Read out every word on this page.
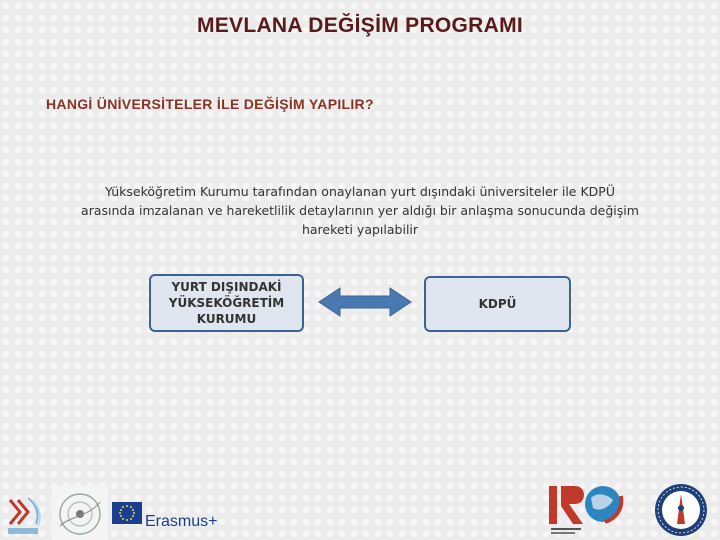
MEVLANA DEĞİŞİM PROGRAMI
HANGİ ÜNİVERSİTELER İLE DEĞİŞİM YAPILIR?
Yükseköğretim Kurumu tarafından onaylanan yurt dışındaki üniversiteler ile KDPÜ
arasında imzalanan ve hareketlilik detaylarının yer aldığı bir anlaşma sonucunda değişim
hareketi yapılabilir
YURT DIŞINDAKİ
YÜKSEKÖĞRETİM
KURUMU
KDPÜ
Erasmus+
